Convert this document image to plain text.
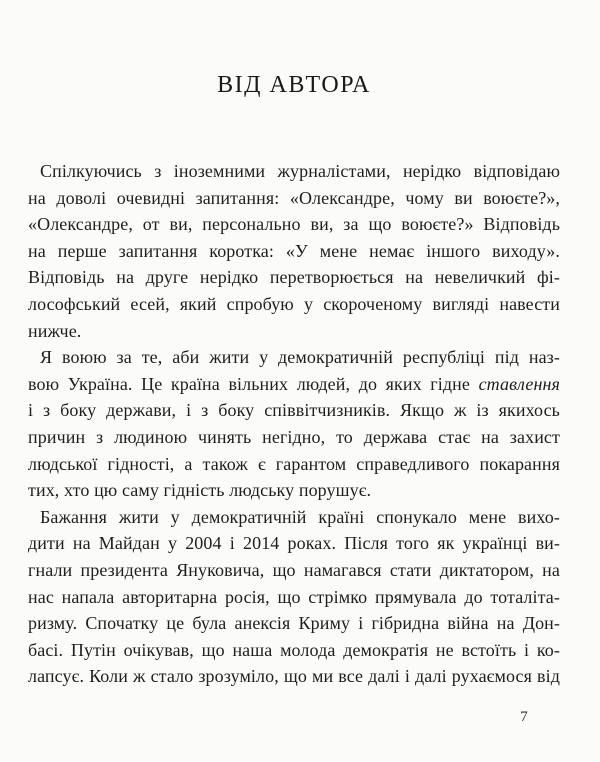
ВІД АВТОРА
Спілкуючись з іноземними журналістами, нерідко відповідаю
на доволі очевидні запитання: «Олександре, чому ви воюєте?»,
«Олександре, от ви, персонально ви, за що воюєте?» Відповідь
на перше запитання коротка: «У мене немає іншого виходу».
Відповідь на друге нерідко перетворюється на невеличкий фі-
лософський есей, який спробую у скороченому вигляді навести
нижче.
Я воюю за те, аби жити у демократичній республіці під наз-
вою Україна. Це країна вільних людей, до яких гідне ставлення
і з боку держави, і з боку співвітчизників. Якщо ж із якихось
причин з людиною чинять негідно, то держава стає на захист
людської гідності, а також є гарантом справедливого покарання
тих, хто цю саму гідність людську порушує.
Бажання жити у демократичній країні спонукало мене вихо-
дити на Майдан у 2004 і 2014 роках. Після того як українці ви-
гнали президента Януковича, що намагався стати диктатором, на
нас напала авторитарна росія, що стрімко прямувала до тоталіта-
ризму. Спочатку це була анексія Криму і гібридна війна на Дон-
басі. Путін очікував, що наша молода демократія не встоїть і ко-
лапсує. Коли ж стало зрозуміло, що ми все далі і далі рухаємося від
7
